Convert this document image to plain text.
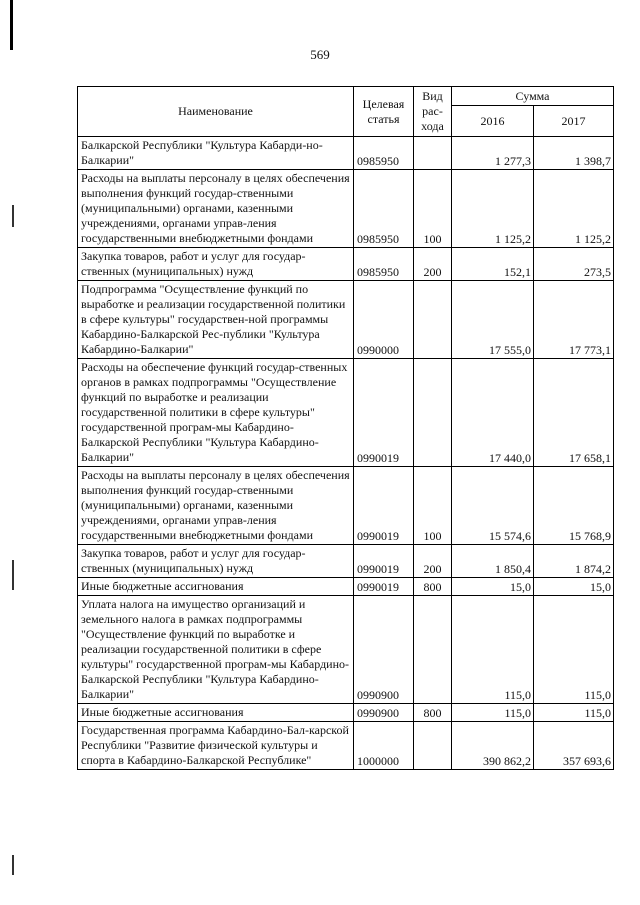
569
Наименование	Целевая статья	Вид рас-хода	Сумма	
			2016	2017
Балкарской Республики "Культура Кабарди-но-Балкарии"	0985950		1 277,3	1 398,7
Расходы на выплаты персоналу в целях обеспечения выполнения функций государ-ственными (муниципальными) органами, казенными учреждениями, органами управ-ления государственными внебюджетными фондами	0985950	100	1 125,2	1 125,2
Закупка товаров, работ и услуг для государ-ственных (муниципальных) нужд	0985950	200	152,1	273,5
Подпрограмма "Осуществление функций по выработке и реализации государственной политики в сфере культуры" государствен-ной программы Кабардино-Балкарской Рес-публики "Культура Кабардино-Балкарии"	0990000		17 555,0	17 773,1
Расходы на обеспечение функций государ-ственных органов в рамках подпрограммы "Осуществление функций по выработке и реализации государственной политики в сфере культуры" государственной програм-мы Кабардино-Балкарской Республики "Культура Кабардино-Балкарии"	0990019		17 440,0	17 658,1
Расходы на выплаты персоналу в целях обеспечения выполнения функций государ-ственными (муниципальными) органами, казенными учреждениями, органами управ-ления государственными внебюджетными фондами	0990019	100	15 574,6	15 768,9
Закупка товаров, работ и услуг для государ-ственных (муниципальных) нужд	0990019	200	1 850,4	1 874,2
Иные бюджетные ассигнования	0990019	800	15,0	15,0
Уплата налога на имущество организаций и земельного налога в рамках подпрограммы "Осуществление функций по выработке и реализации государственной политики в сфере культуры" государственной програм-мы Кабардино-Балкарской Республики "Культура Кабардино-Балкарии"	0990900		115,0	115,0
Иные бюджетные ассигнования	0990900	800	115,0	115,0
Государственная программа Кабардино-Бал-карской Республики "Развитие физической культуры и спорта в Кабардино-Балкарской Республике"	1000000		390 862,2	357 693,6
